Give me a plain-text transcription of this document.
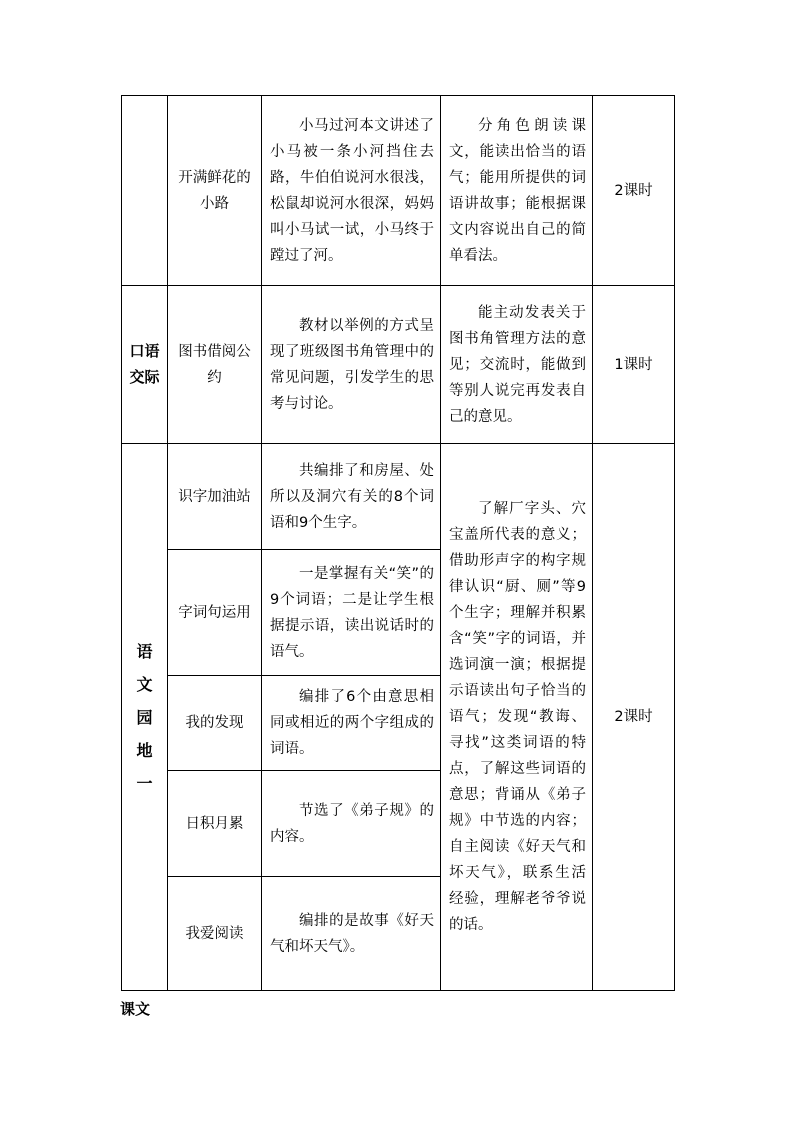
	开满鲜花的小路	小马过河本文讲述了小马被一条小河挡住去路，牛伯伯说河水很浅，松鼠却说河水很深，妈妈叫小马试一试，小马终于蹚过了河。	分角色朗读课文，能读出恰当的语气；能用所提供的词语讲故事；能根据课文内容说出自己的简单看法。	2课时
口语交际	图书借阅公约	教材以举例的方式呈现了班级图书角管理中的常见问题，引发学生的思考与讨论。	能主动发表关于图书角管理方法的意见；交流时，能做到等别人说完再发表自己的意见。	1课时
语文园地一	识字加油站	共编排了和房屋、处所以及洞穴有关的8个词语和9个生字。	了解厂字头、穴宝盖所代表的意义；借助形声字的构字规律认识“厨、厕”等9个生字；理解并积累含“笑”字的词语，并选词演一演；根据提示语读出句子恰当的语气；发现“教诲、寻找”这类词语的特点，了解这些词语的意思；背诵从《弟子规》中节选的内容；自主阅读《好天气和坏天气》，联系生活经验，理解老爷爷说的话。	2课时
	字词句运用	一是掌握有关“笑”的9个词语；二是让学生根据提示语，读出说话时的语气。		

	我的发现	编排了6个由意思相同或相近的两个字组成的词语。		

	日积月累	节选了《弟子规》的内容。		

	我爱阅读	编排的是故事《好天气和坏天气》。		
课文
